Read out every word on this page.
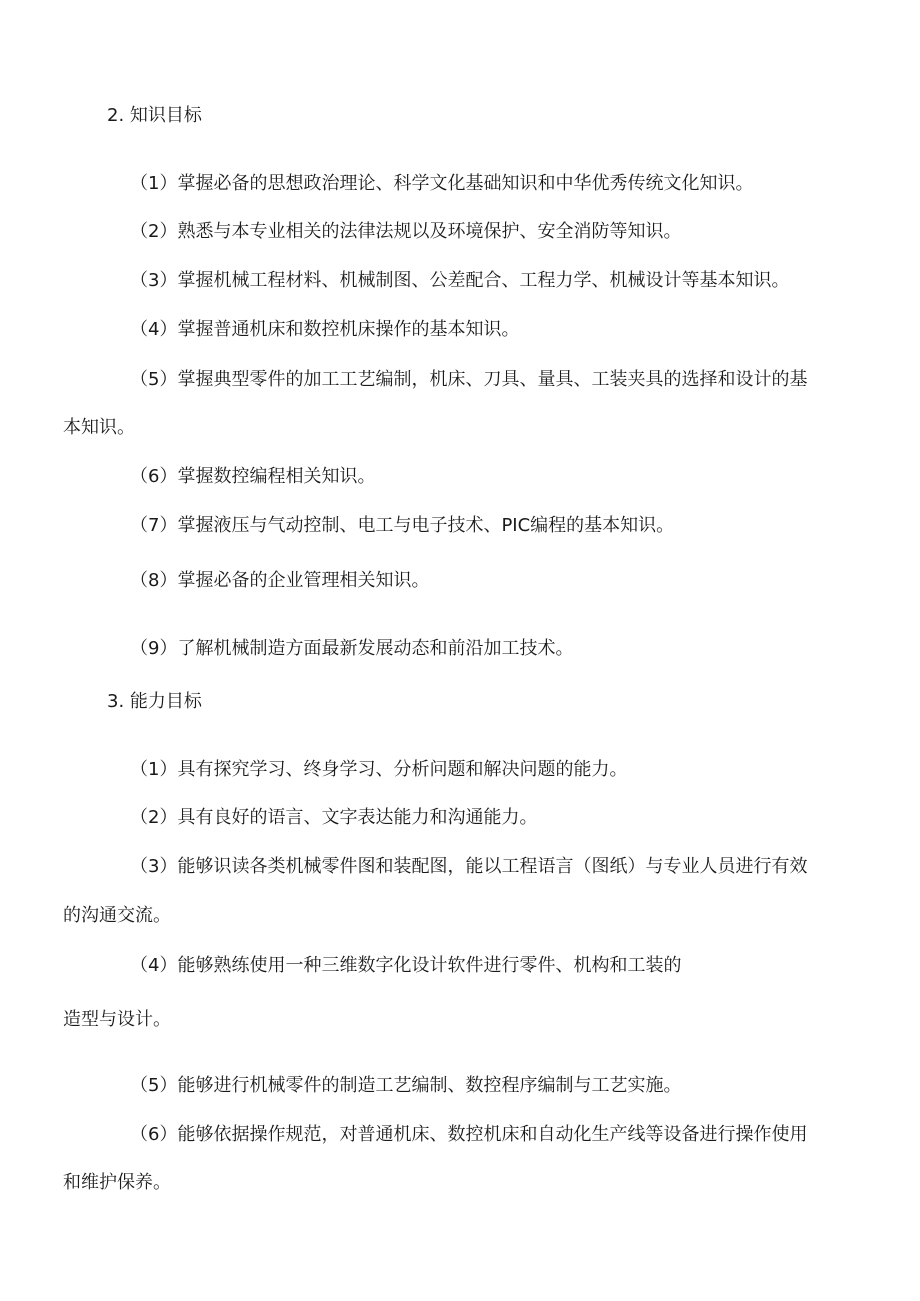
2. 知识目标

（1）掌握必备的思想政治理论、科学文化基础知识和中华优秀传统文化知识。

（2）熟悉与本专业相关的法律法规以及环境保护、安全消防等知识。

（3）掌握机械工程材料、机械制图、公差配合、工程力学、机械设计等基本知识。

（4）掌握普通机床和数控机床操作的基本知识。

（5）掌握典型零件的加工工艺编制，机床、刀具、量具、工装夹具的选择和设计的基

本知识。

（6）掌握数控编程相关知识。

（7）掌握液压与气动控制、电工与电子技术、PIC编程的基本知识。

（8）掌握必备的企业管理相关知识。

（9）了解机械制造方面最新发展动态和前沿加工技术。

3. 能力目标

（1）具有探究学习、终身学习、分析问题和解决问题的能力。

（2）具有良好的语言、文字表达能力和沟通能力。

（3）能够识读各类机械零件图和装配图，能以工程语言（图纸）与专业人员进行有效

的沟通交流。

（4）能够熟练使用一种三维数字化设计软件进行零件、机构和工装的

造型与设计。

（5）能够进行机械零件的制造工艺编制、数控程序编制与工艺实施。

（6）能够依据操作规范，对普通机床、数控机床和自动化生产线等设备进行操作使用

和维护保养。
